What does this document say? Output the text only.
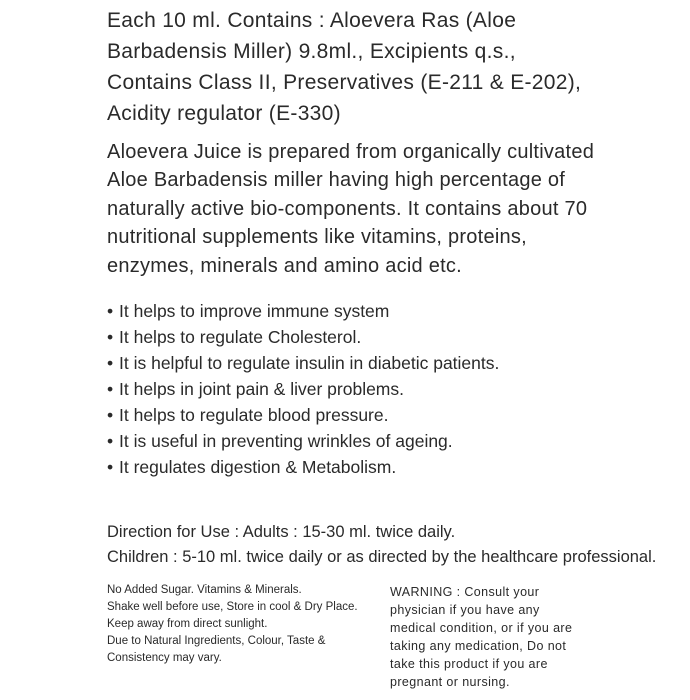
Each 10 ml. Contains : Aloevera Ras (Aloe
Barbadensis Miller) 9.8ml., Excipients q.s.,
Contains Class II, Preservatives (E-211 & E-202),
Acidity regulator (E-330)
Aloevera Juice is prepared from organically cultivated
Aloe Barbadensis miller having high percentage of
naturally active bio-components. It contains about 70
nutritional supplements like vitamins, proteins,
enzymes, minerals and amino acid etc.
• It helps to improve immune system
• It helps to regulate Cholesterol.
• It is helpful to regulate insulin in diabetic patients.
• It helps in joint pain & liver problems.
• It helps to regulate blood pressure.
• It is useful in preventing wrinkles of ageing.
• It regulates digestion & Metabolism.
Direction for Use : Adults : 15-30 ml. twice daily.
Children : 5-10 ml. twice daily or as directed by the healthcare professional.
No Added Sugar. Vitamins & Minerals.
Shake well before use, Store in cool & Dry Place.
Keep away from direct sunlight.
Due to Natural Ingredients, Colour, Taste &
Consistency may vary.
WARNING : Consult your
physician if you have any
medical condition, or if you are
taking any medication, Do not
take this product if you are
pregnant or nursing.
